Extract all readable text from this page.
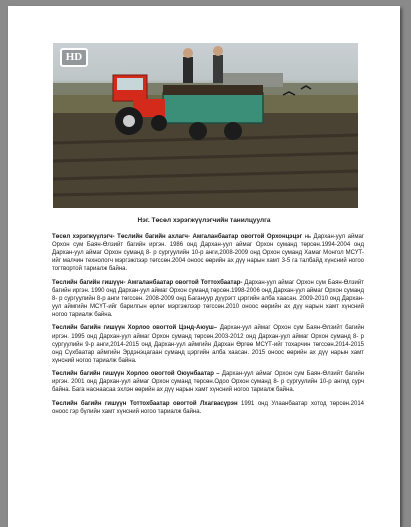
HD
Нэг. Төсөл хэрэгжүүлэгчийн танилцуулга

Төсөл хэрэгжүүлэгч- Төслийн багийн ахлагч- Амгаланбаатар овогтой Орхонцэцэг нь Дархан-уул аймаг Орхон сум Баян-Өлзийт багийн иргэн. 1986 онд Дархан-уул аймаг Орхон суманд төрсөн.1994-2004 онд Дархан-уул аймаг Орхон суманд 8- р сургуулийн 10-р анги,2008-2009 онд Орхон суманд Хамаг Монгол МСҮТ-ийг малчин технологч мэргэжлээр төгссөн.2004 оноос өөрийн ах дүү нарын хамт 3-5 га талбайд хүнсний ногоо тогтвортой тариалж байна.

Төслийн багийн гишүүн- Амгаланбаатар овогтой Тоттохбаатар- Дархан-уул аймаг Орхон сум Баян-Өлзийт багийн иргэн. 1990 онд Дархан-уул аймаг Орхон суманд төрсөн.1998-2006 онд Дархан-уул аймаг Орхон суманд 8- р сургуулийн 8-р анги төгссөн. 2008-2009 онд Багануур дүүрэгт цэргийн алба хаасан. 2009-2010 онд Дархан-уул аймгийн МСҮТ-ийг барилгын өрлөг мэргэжлээр төгссөн.2010 оноос өөрийн ах дүү нарын хамт хүнсний ногоо тариалж байна.

Төслийн багийн гишүүн Хорлоо овогтой Цэнд-Аюуш– Дархан-уул аймаг Орхон сум Баян-Өлзийт багийн иргэн. 1995 онд Дархан-уул аймаг Орхон суманд төрсөн.2003-2012 онд Дархан-уул аймаг Орхон суманд 8- р сургуулийн 9-р анги,2014-2015 онд Дархан-уул аймгийн Дархан Өргөө МСҮТ-ийг тохарчин төгссөн.2014-2015 онд Сүхбаатар аймгийн Эрдэнэцагаан суманд цэргийн алба хаасан. 2015 оноос өөрийн ах дүү нарын хамт хүнсний ногоо тариалж байна.

Төслийн багийн гишүүн Хорлоо овогтой Оюунбаатар – Дархан-уул аймаг Орхон сум Баян-Өлзийт багийн иргэн. 2001 онд Дархан-уул аймаг Орхон суманд төрсөн.Одоо Орхон суманд 8- р сургуулийн 10-р ангид сурч байна. Бага наснаасаа эхлэн өөрийн ах дүү нарын хамт хүнсний ногоо тариалж байна.

Төслийн багийн гишүүн Тоттохбаатар овогтой Лхагвасүрэн 1991 онд Улаанбаатар хотод төрсөн.2014 оноос гэр бүлийн хамт хүнсний ногоо тариалж байна.
